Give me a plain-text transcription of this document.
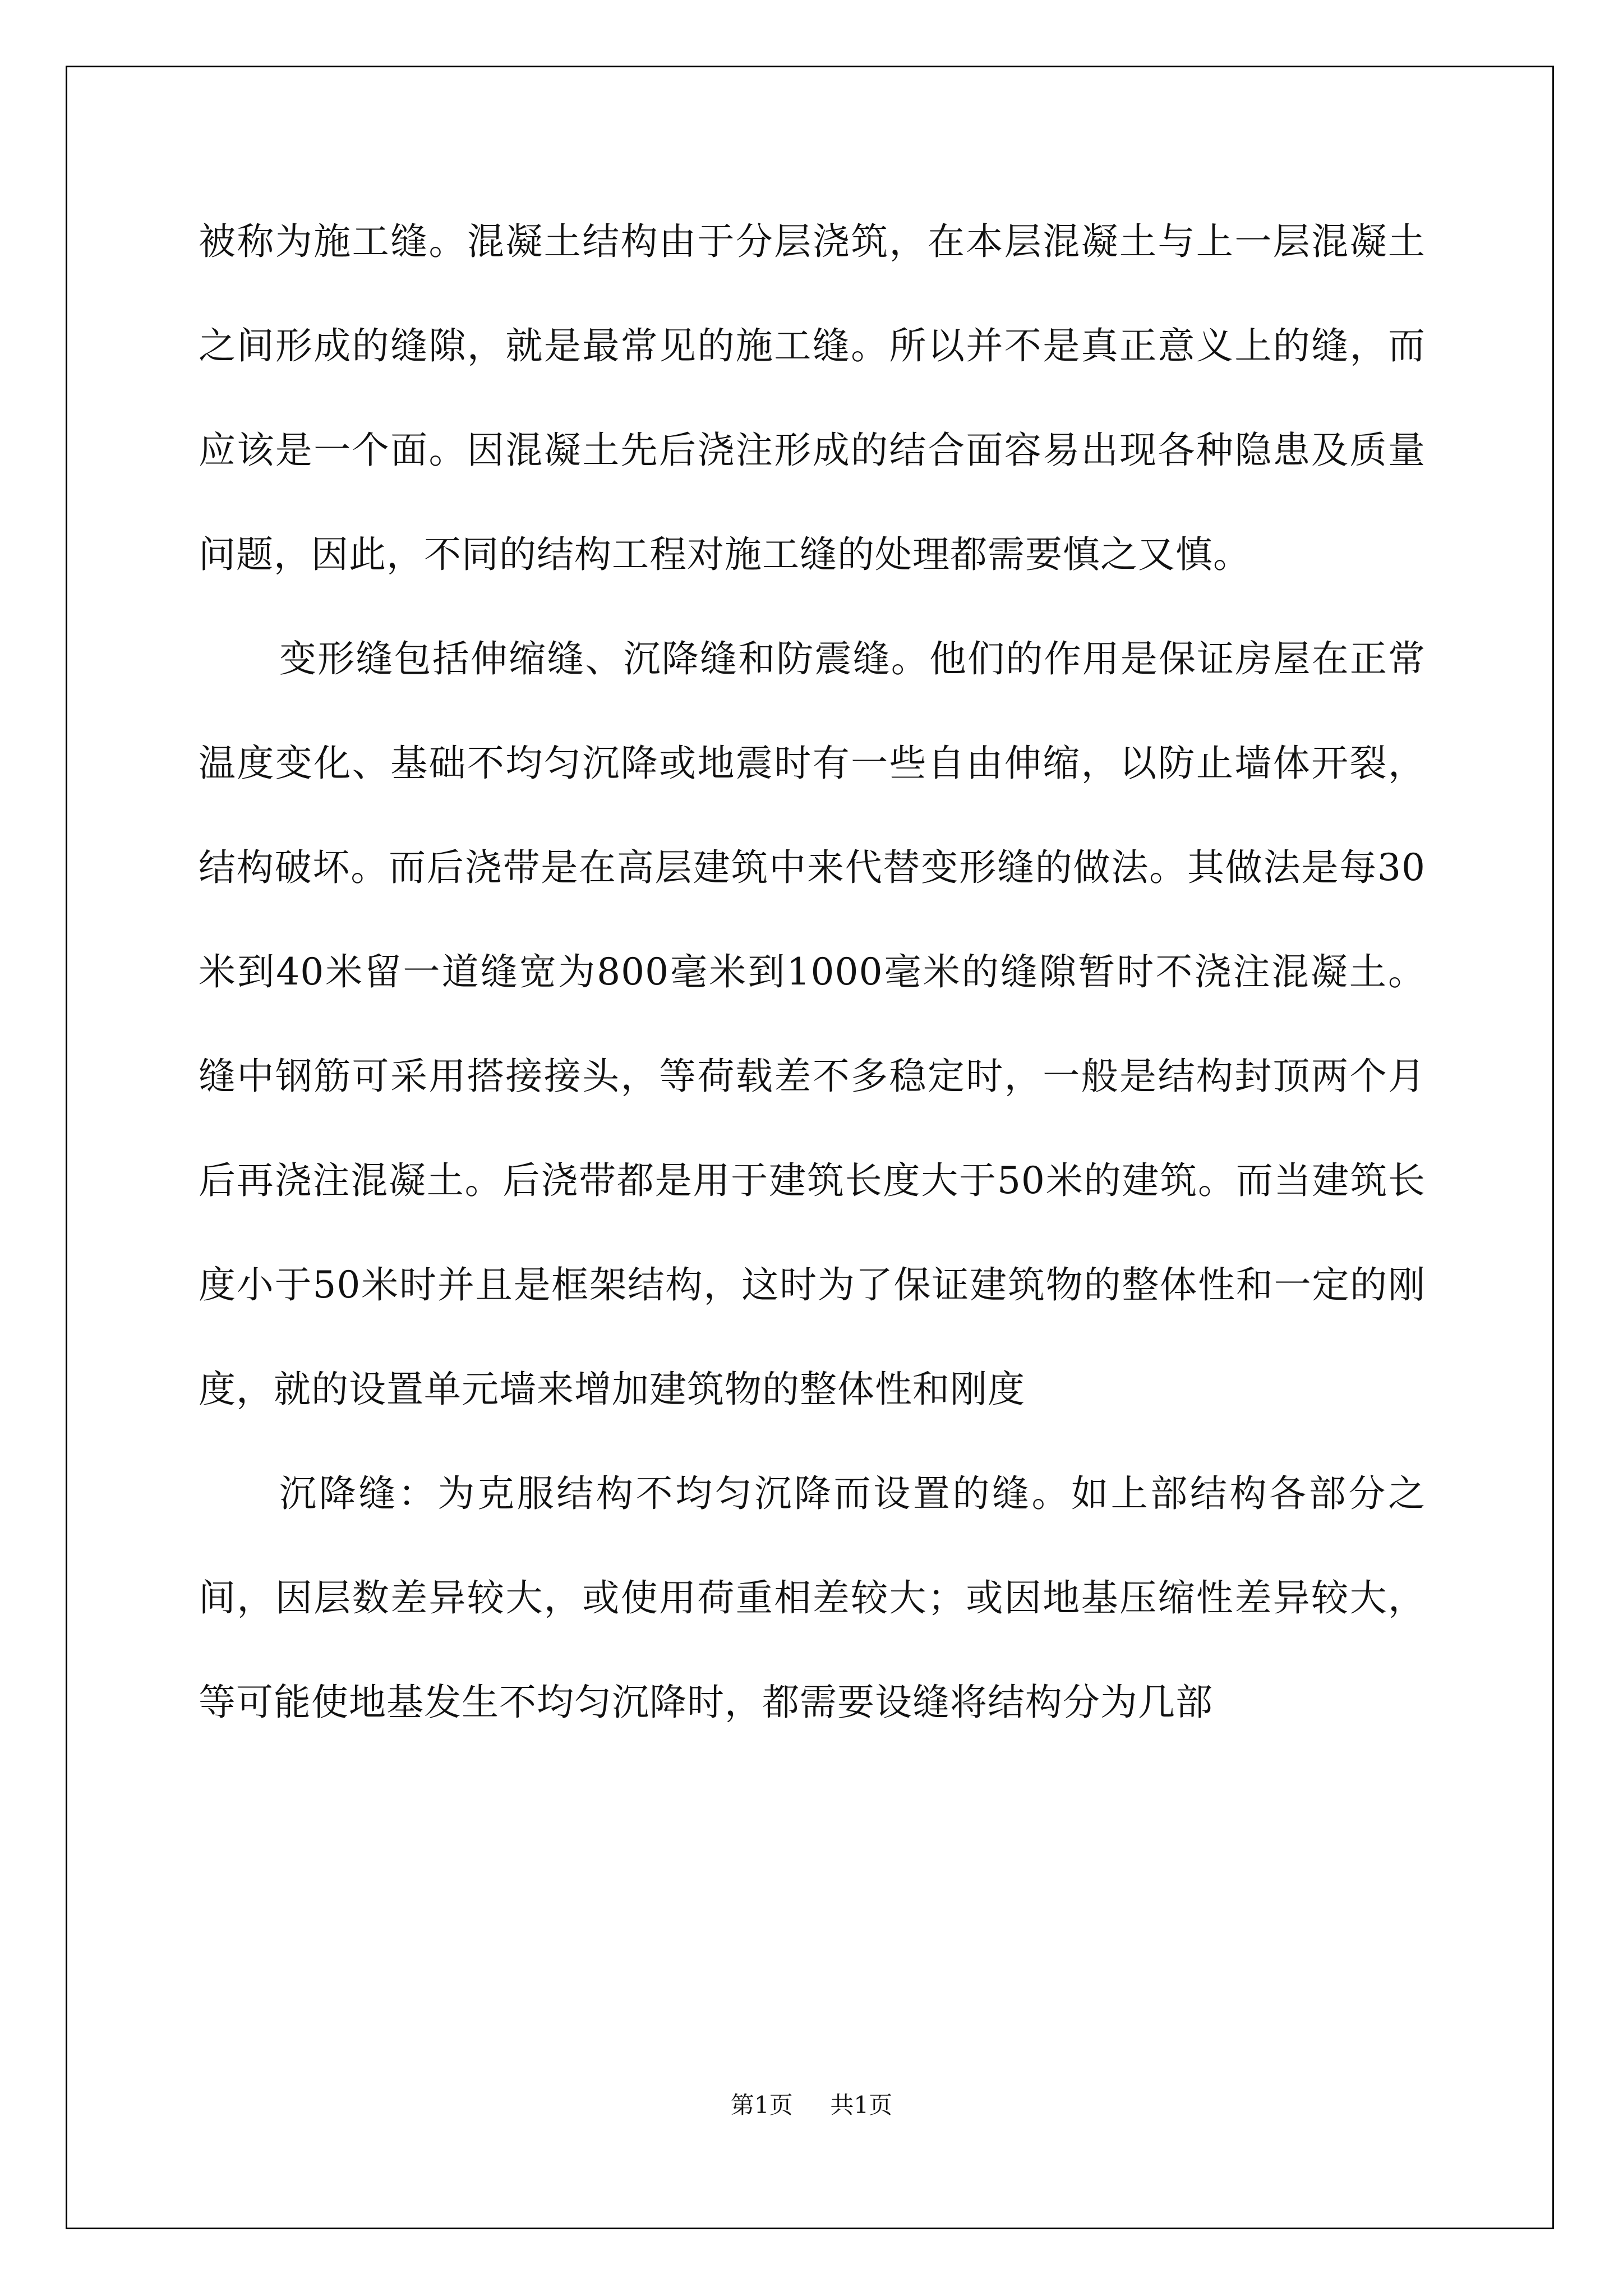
被称为施工缝。混凝土结构由于分层浇筑，在本层混凝土与上一层混凝土之间形成的缝隙，就是最常见的施工缝。所以并不是真正意义上的缝，而应该是一个面。因混凝土先后浇注形成的结合面容易出现各种隐患及质量问题，因此，不同的结构工程对施工缝的处理都需要慎之又慎。

变形缝包括伸缩缝、沉降缝和防震缝。他们的作用是保证房屋在正常温度变化、基础不均匀沉降或地震时有一些自由伸缩，以防止墙体开裂，结构破坏。而后浇带是在高层建筑中来代替变形缝的做法。其做法是每30米到40米留一道缝宽为800毫米到1000毫米的缝隙暂时不浇注混凝土。缝中钢筋可采用搭接接头，等荷载差不多稳定时，一般是结构封顶两个月后再浇注混凝土。后浇带都是用于建筑长度大于50米的建筑。而当建筑长度小于50米时并且是框架结构，这时为了保证建筑物的整体性和一定的刚度，就的设置单元墙来增加建筑物的整体性和刚度

沉降缝：为克服结构不均匀沉降而设置的缝。如上部结构各部分之间，因层数差异较大，或使用荷重相差较大；或因地基压缩性差异较大，等可能使地基发生不均匀沉降时，都需要设缝将结构分为几部

第1页 共1页
